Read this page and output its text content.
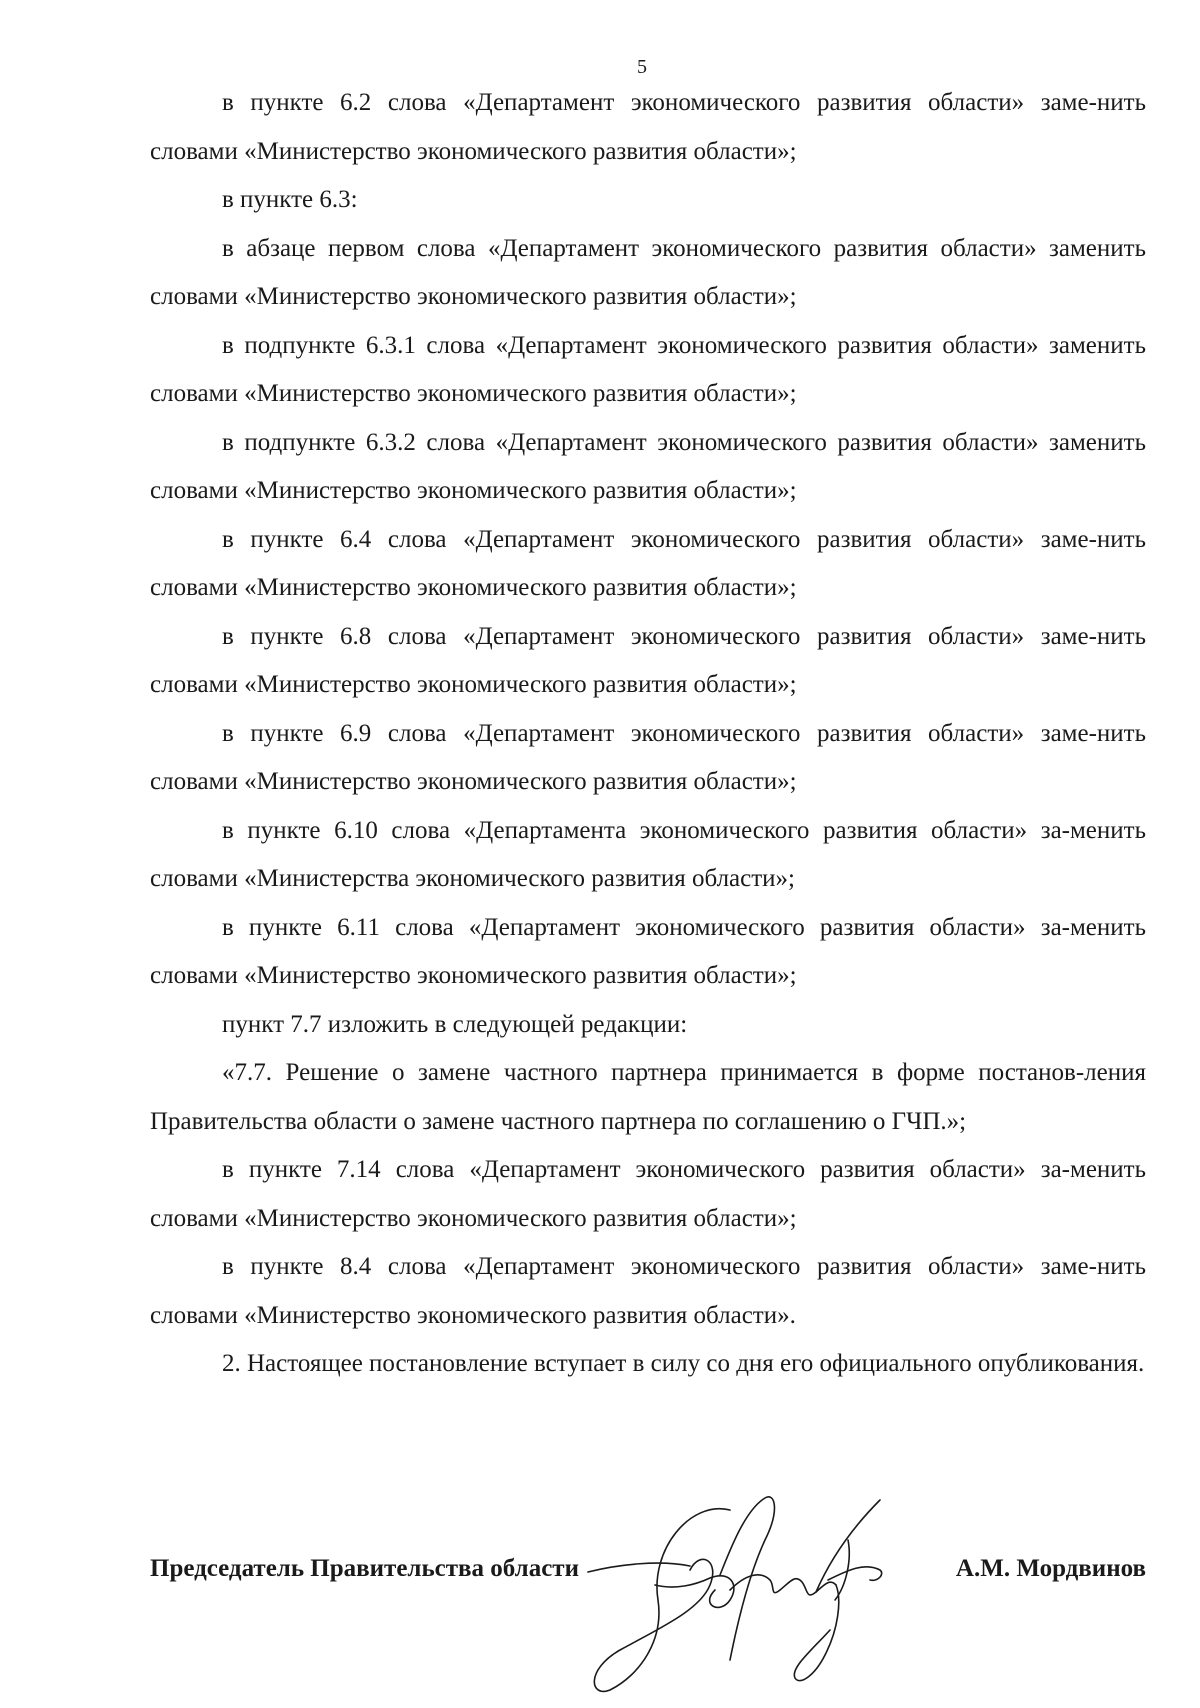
5

в пункте 6.2 слова «Департамент экономического развития области» заме-нить словами «Министерство экономического развития области»;

в пункте 6.3:

в абзаце первом слова «Департамент экономического развития области» заменить словами «Министерство экономического развития области»;

в подпункте 6.3.1 слова «Департамент экономического развития области» заменить словами «Министерство экономического развития области»;

в подпункте 6.3.2 слова «Департамент экономического развития области» заменить словами «Министерство экономического развития области»;

в пункте 6.4 слова «Департамент экономического развития области» заме-нить словами «Министерство экономического развития области»;

в пункте 6.8 слова «Департамент экономического развития области» заме-нить словами «Министерство экономического развития области»;

в пункте 6.9 слова «Департамент экономического развития области» заме-нить словами «Министерство экономического развития области»;

в пункте 6.10 слова «Департамента экономического развития области» за-менить словами «Министерства экономического развития области»;

в пункте 6.11 слова «Департамент экономического развития области» за-менить словами «Министерство экономического развития области»;

пункт 7.7 изложить в следующей редакции:

«7.7. Решение о замене частного партнера принимается в форме постанов-ления Правительства области о замене частного партнера по соглашению о ГЧП.»;

в пункте 7.14 слова «Департамент экономического развития области» за-менить словами «Министерство экономического развития области»;

в пункте 8.4 слова «Департамент экономического развития области» заме-нить словами «Министерство экономического развития области».

2. Настоящее постановление вступает в силу со дня его официального опубликования.

Председатель Правительства области	А.М. Мордвинов
